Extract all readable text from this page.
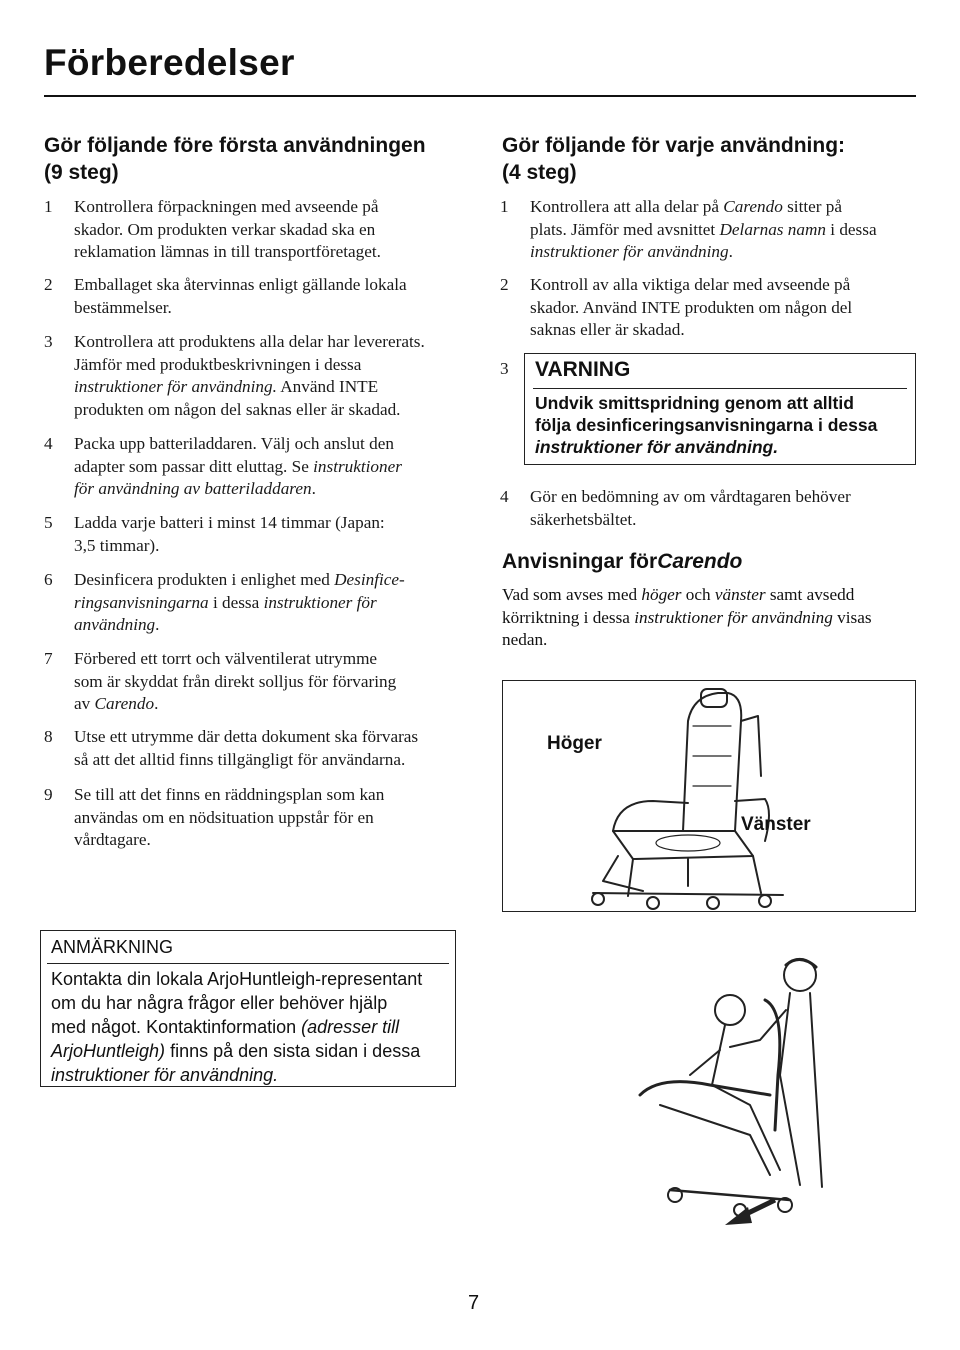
Förberedelser
Gör följande före första användningen
(9 steg)
1 Kontrollera förpackningen med avseende på
skador. Om produkten verkar skadad ska en
reklamation lämnas in till transportföretaget.
2 Emballaget ska återvinnas enligt gällande lokala
bestämmelser.
3 Kontrollera att produktens alla delar har levererats.
Jämför med produktbeskrivningen i dessa
instruktioner för användning. Använd INTE
produkten om någon del saknas eller är skadad.
4 Packa upp batteriladdaren. Välj och anslut den
adapter som passar ditt eluttag. Se instruktioner
för användning av batteriladdaren.
5 Ladda varje batteri i minst 14 timmar (Japan:
3,5 timmar).
6 Desinficera produkten i enlighet med Desinfice-
ringsanvisningarna i dessa instruktioner för
användning.
7 Förbered ett torrt och välventilerat utrymme
som är skyddat från direkt solljus för förvaring
av Carendo.
8 Utse ett utrymme där detta dokument ska förvaras
så att det alltid finns tillgängligt för användarna.
9 Se till att det finns en räddningsplan som kan
användas om en nödsituation uppstår för en
vårdtagare.
Gör följande för varje användning:
(4 steg)
1 Kontrollera att alla delar på Carendo sitter på
plats. Jämför med avsnittet Delarnas namn i dessa
instruktioner för användning.
2 Kontroll av alla viktiga delar med avseende på
skador. Använd INTE produkten om någon del
saknas eller är skadad.
3 VARNING
Undvik smittspridning genom att alltid
följa desinficeringsanvisningarna i dessa
instruktioner för användning.
4 Gör en bedömning av om vårdtagaren behöver
säkerhetsbältet.
Anvisningar förCarendo
Vad som avses med höger och vänster samt avsedd
körriktning i dessa instruktioner för användning visas
nedan.
Höger
Vänster
ANMÄRKNING
Kontakta din lokala ArjoHuntleigh-representant
om du har några frågor eller behöver hjälp
med något. Kontaktinformation (adresser till
ArjoHuntleigh) finns på den sista sidan i dessa
instruktioner för användning.
7
